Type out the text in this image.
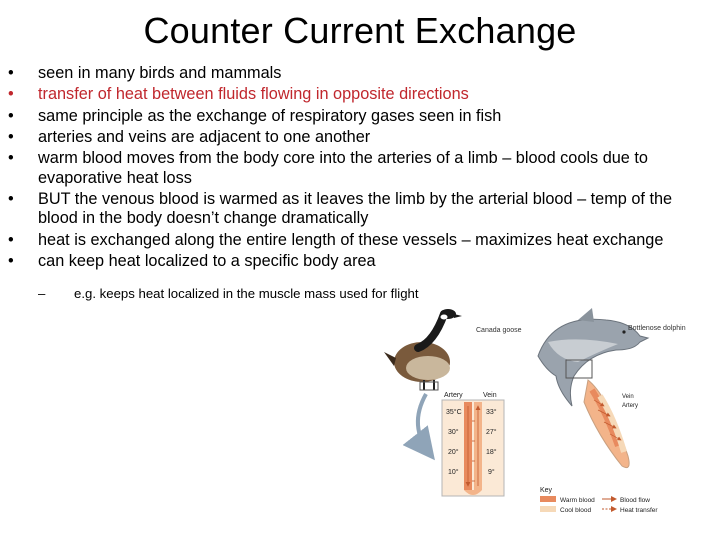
Counter Current Exchange
• seen in many birds and mammals
• transfer of heat between fluids flowing in opposite directions
• same principle as the exchange of respiratory gases seen in fish
• arteries and veins are adjacent to one another
• warm blood moves from the body core into the arteries of a limb – blood cools due to evaporative heat loss
• BUT the venous blood is warmed as it leaves the limb by the arterial blood – temp of the blood in the body doesn’t change dramatically
• heat is exchanged along the entire length of these vessels – maximizes heat exchange
• can keep heat localized to a specific body area
– e.g. keeps heat localized in the muscle mass used for flight
Canada goose
Artery	Vein
35°C
30°
20°
10°
33°
27°
18°
9°
Bottlenose dolphin
Vein
Artery
Key
Warm blood
Cool blood
Blood flow
Heat transfer
